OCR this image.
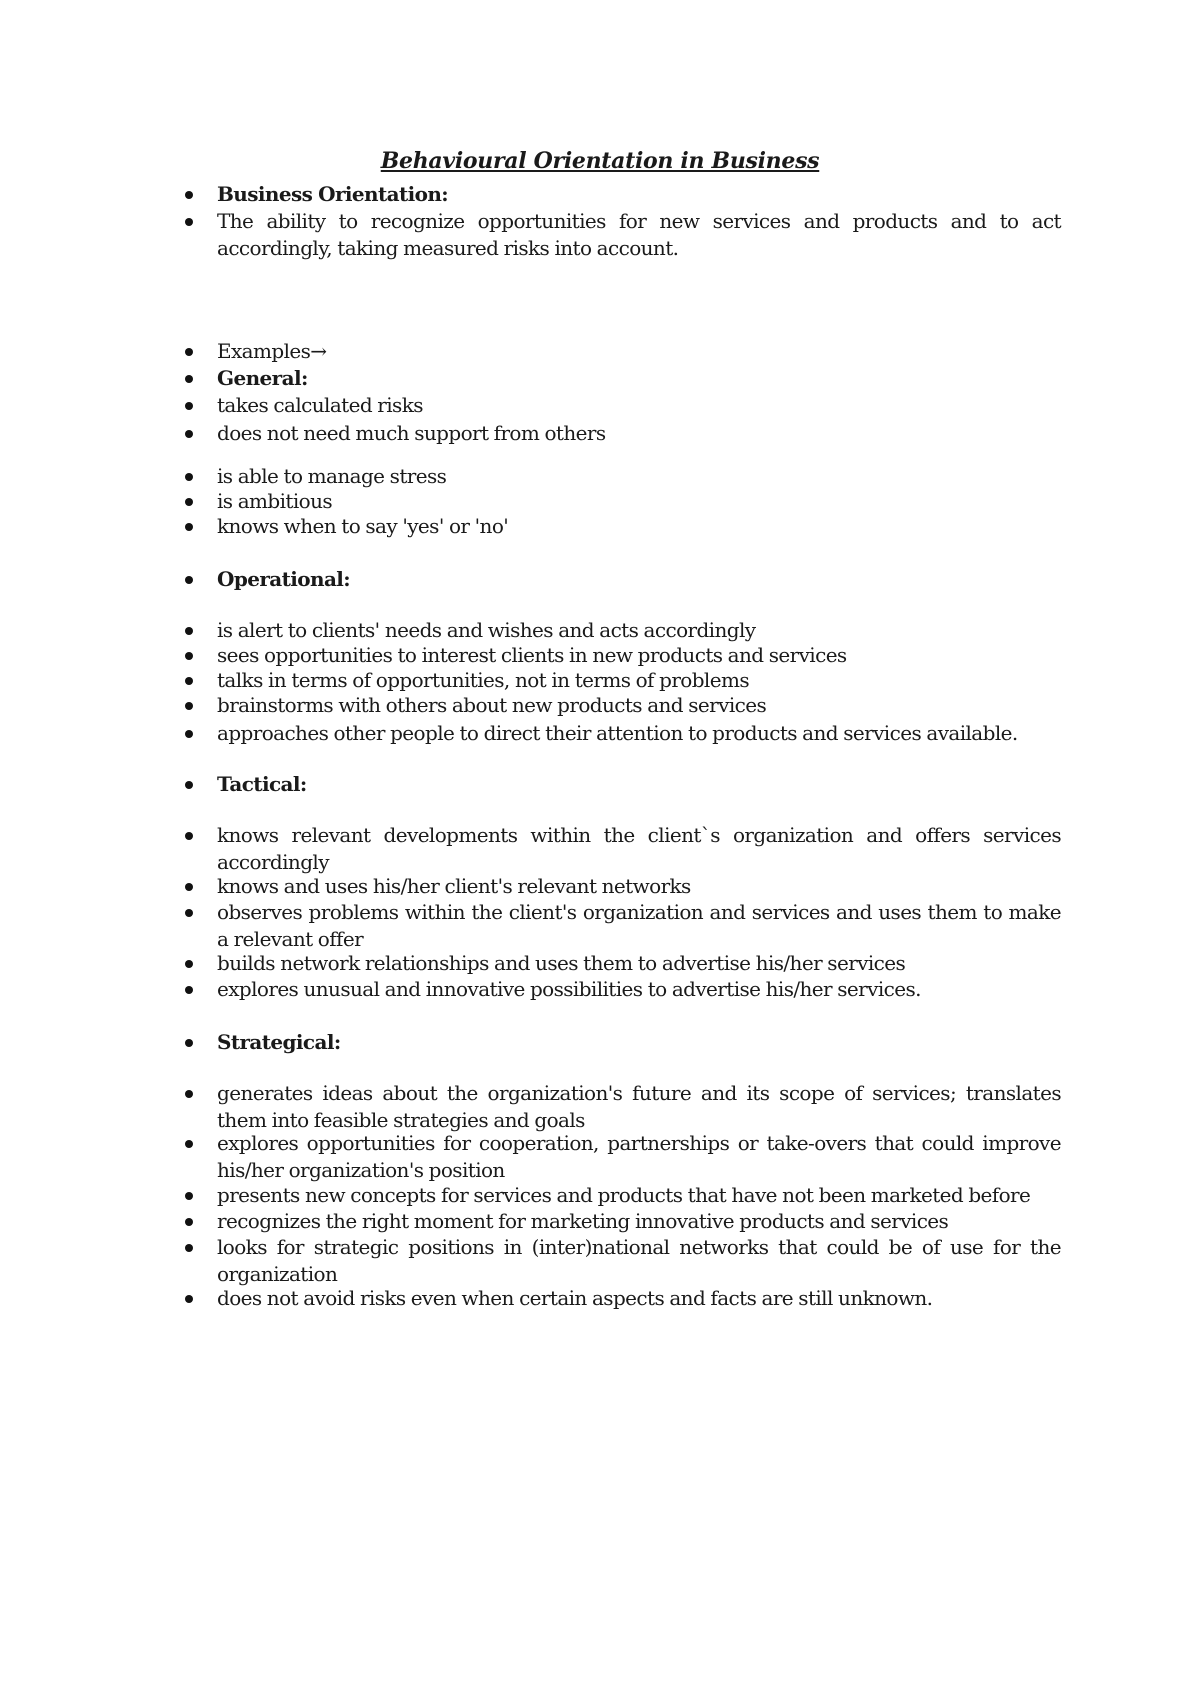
Behavioural Orientation in Business
Business Orientation:
The ability to recognize opportunities for new services and products and to act accordingly, taking measured risks into account.
Examples→
General:
takes calculated risks
does not need much support from others
is able to manage stress
is ambitious
knows when to say 'yes' or 'no'
Operational:
is alert to clients' needs and wishes and acts accordingly
sees opportunities to interest clients in new products and services
talks in terms of opportunities, not in terms of problems
brainstorms with others about new products and services
approaches other people to direct their attention to products and services available.
Tactical:
knows relevant developments within the client`s organization and offers services accordingly
knows and uses his/her client's relevant networks
observes problems within the client's organization and services and uses them to make a relevant offer
builds network relationships and uses them to advertise his/her services
explores unusual and innovative possibilities to advertise his/her services.
Strategical:
generates ideas about the organization's future and its scope of services; translates them into feasible strategies and goals
explores opportunities for cooperation, partnerships or take-overs that could improve his/her organization's position
presents new concepts for services and products that have not been marketed before
recognizes the right moment for marketing innovative products and services
looks for strategic positions in (inter)national networks that could be of use for the organization
does not avoid risks even when certain aspects and facts are still unknown.
